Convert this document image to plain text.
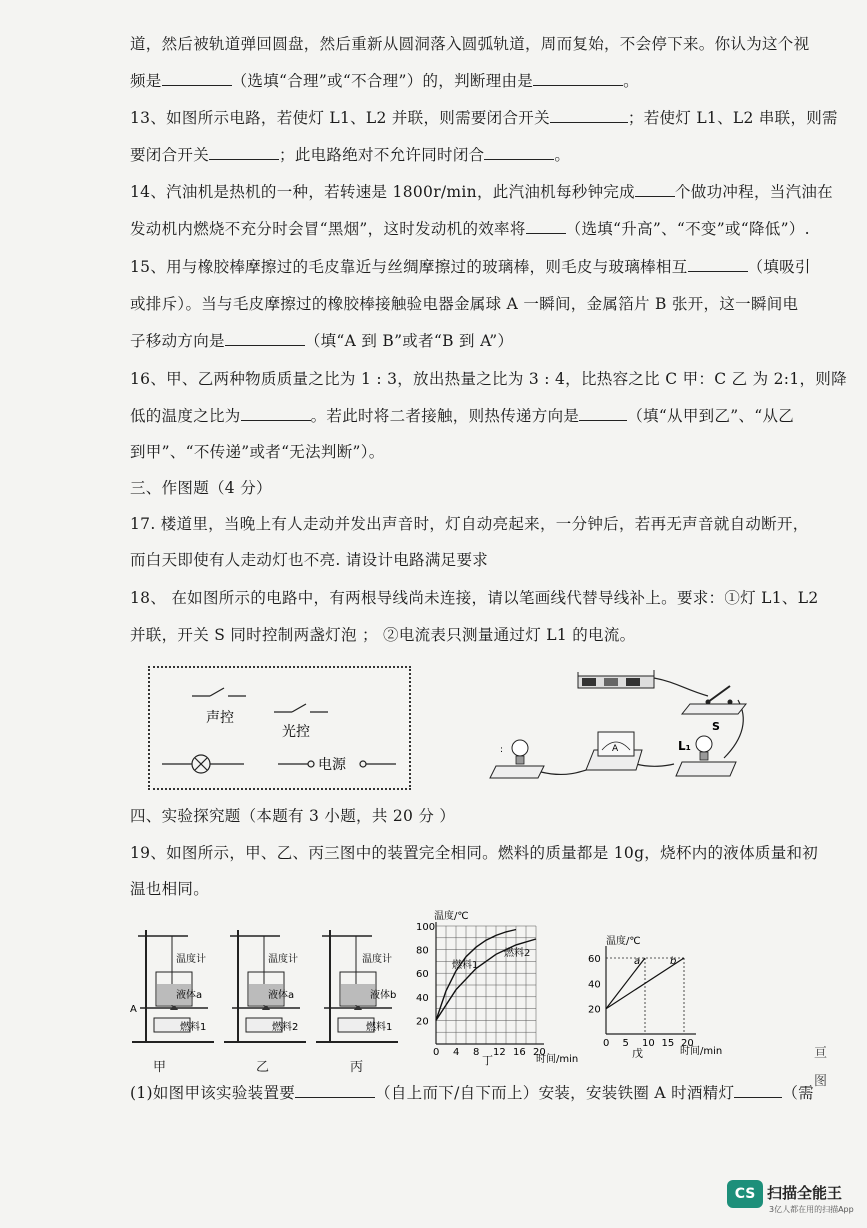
道，然后被轨道弹回圆盘，然后重新从圆洞落入圆弧轨道，周而复始，不会停下来。你认为这个视
频是	（选填“合理”或“不合理”）的，判断理由是	。
13、如图所示电路，若使灯 L1、L2 并联，则需要闭合开关	；若使灯 L1、L2 串联，则需
要闭合开关	；此电路绝对不允许同时闭合	。
14、汽油机是热机的一种，若转速是 1800r/min，此汽油机每秒钟完成	个做功冲程，当汽油在
发动机内燃烧不充分时会冒“黑烟”，这时发动机的效率将	（选填“升高”、“不变”或“降低”）.
15、用与橡胶棒摩擦过的毛皮靠近与丝绸摩擦过的玻璃棒，则毛皮与玻璃棒相互	（填吸引
或排斥）。当与毛皮摩擦过的橡胶棒接触验电器金属球 A 一瞬间，金属箔片 B 张开，这一瞬间电
子移动方向是	（填“A 到 B”或者“B 到 A”）
16、甲、乙两种物质质量之比为 1 : 3，放出热量之比为 3 : 4，比热容之比 C 甲：C 乙 为 2:1，则降
低的温度之比为	。若此时将二者接触，则热传递方向是	（填“从甲到乙”、“从乙
到甲”、“不传递”或者“无法判断”）。
三、作图题（4 分）
17. 楼道里，当晚上有人走动并发出声音时，灯自动亮起来，一分钟后，若再无声音就自动断开，
而白天即使有人走动灯也不亮. 请设计电路满足要求
18、 在如图所示的电路中，有两根导线尚未连接，请以笔画线代替导线补上。要求：①灯 L1、L2
并联，开关 S 同时控制两盏灯泡 ； ②电流表只测量通过灯 L1 的电流。
声控
光控
电源
S
:	A	L₁
四、实验探究题（本题有 3 小题，共 20 分 ）
19、如图所示，甲、乙、丙三图中的装置完全相同。燃料的质量都是 10g，烧杯内的液体质量和初
温也相同。
温度计
液体a
燃料1
A
温度计
液体a
燃料2
温度计
液体b
燃料1
甲	乙	丙
温度/℃
时间/min
丁
燃料1
燃料2
0 4 8 12 16 20
20
40
60
80
100
温度/℃
时间/min
戊
a	b
0 5 10 15 20
20
40
60
亘
图
(1)如图甲该实验装置要	（自上而下/自下而上）安装，安装铁圈 A 时酒精灯	（需
CS 扫描全能王
3亿人都在用的扫描App
